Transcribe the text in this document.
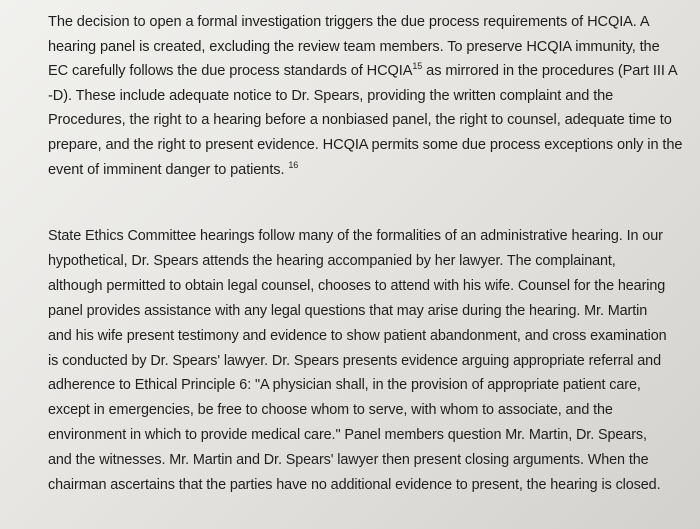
The decision to open a formal investigation triggers the due process requirements of HCQIA. A
hearing panel is created, excluding the review team members. To preserve HCQIA immunity, the
EC carefully follows the due process standards of HCQIA$^{15}$ as mirrored in the procedures (Part III A
-D). These include adequate notice to Dr. Spears, providing the written complaint and the
Procedures, the right to a hearing before a nonbiased panel, the right to counsel, adequate time to
prepare, and the right to present evidence. HCQIA permits some due process exceptions only in the
event of imminent danger to patients. $^{16}$
State Ethics Committee hearings follow many of the formalities of an administrative hearing. In our
hypothetical, Dr. Spears attends the hearing accompanied by her lawyer. The complainant,
although permitted to obtain legal counsel, chooses to attend with his wife. Counsel for the hearing
panel provides assistance with any legal questions that may arise during the hearing. Mr. Martin
and his wife present testimony and evidence to show patient abandonment, and cross examination
is conducted by Dr. Spears' lawyer. Dr. Spears presents evidence arguing appropriate referral and
adherence to Ethical Principle 6: "A physician shall, in the provision of appropriate patient care,
except in emergencies, be free to choose whom to serve, with whom to associate, and the
environment in which to provide medical care." Panel members question Mr. Martin, Dr. Spears,
and the witnesses. Mr. Martin and Dr. Spears' lawyer then present closing arguments. When the
chairman ascertains that the parties have no additional evidence to present, the hearing is closed.
